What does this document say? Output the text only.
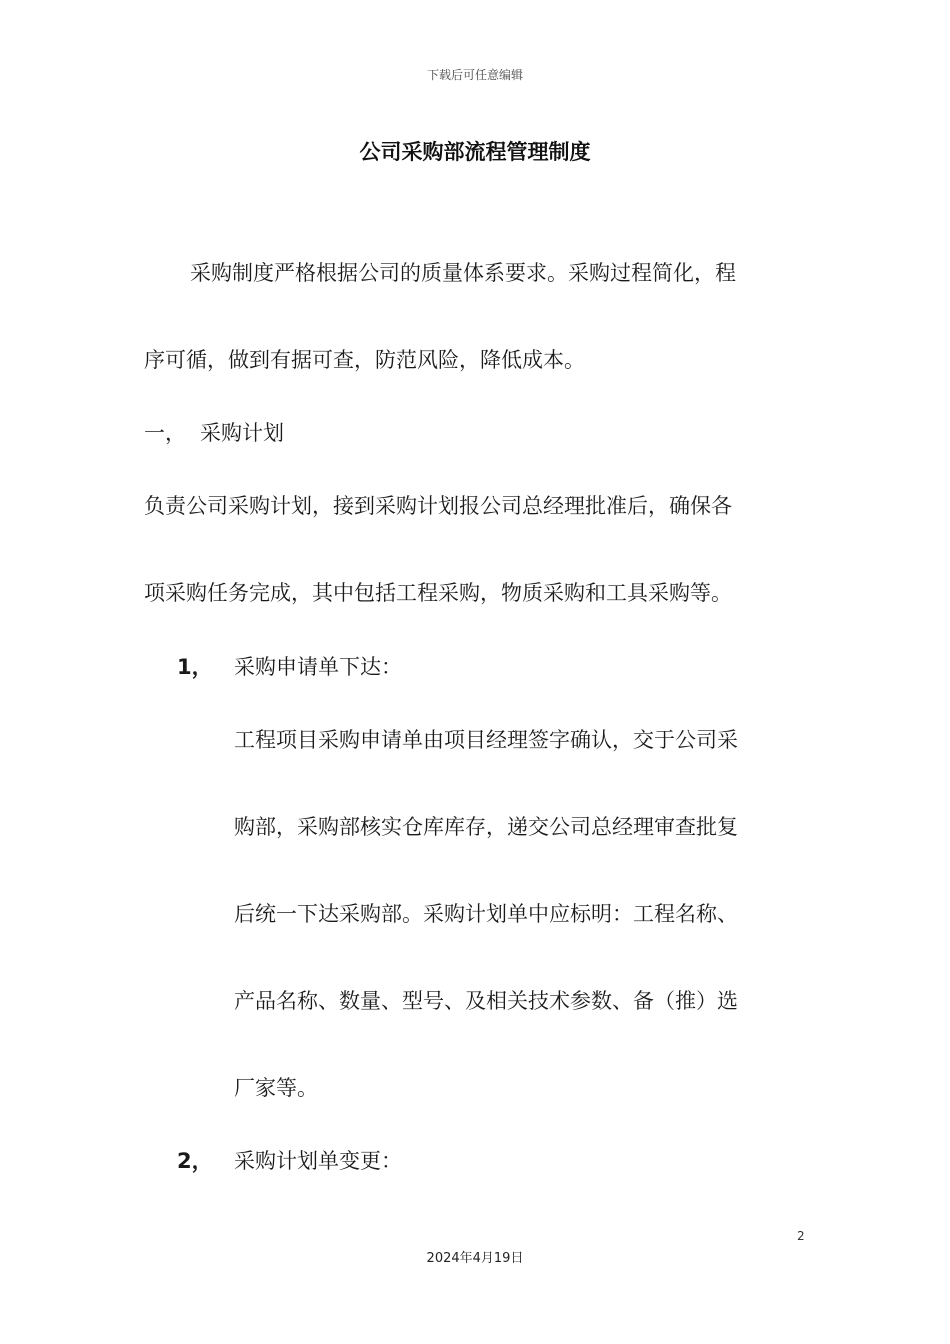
下载后可任意编辑
公司采购部流程管理制度
采购制度严格根据公司的质量体系要求。采购过程简化，程
序可循，做到有据可查，防范风险，降低成本。
一， 采购计划
负责公司采购计划，接到采购计划报公司总经理批准后，确保各
项采购任务完成，其中包括工程采购，物质采购和工具采购等。
1， 采购申请单下达：
工程项目采购申请单由项目经理签字确认，交于公司采
购部，采购部核实仓库库存，递交公司总经理审查批复
后统一下达采购部。采购计划单中应标明：工程名称、
产品名称、数量、型号、及相关技术参数、备（推）选
厂家等。
2， 采购计划单变更：
2
2024年4月19日
